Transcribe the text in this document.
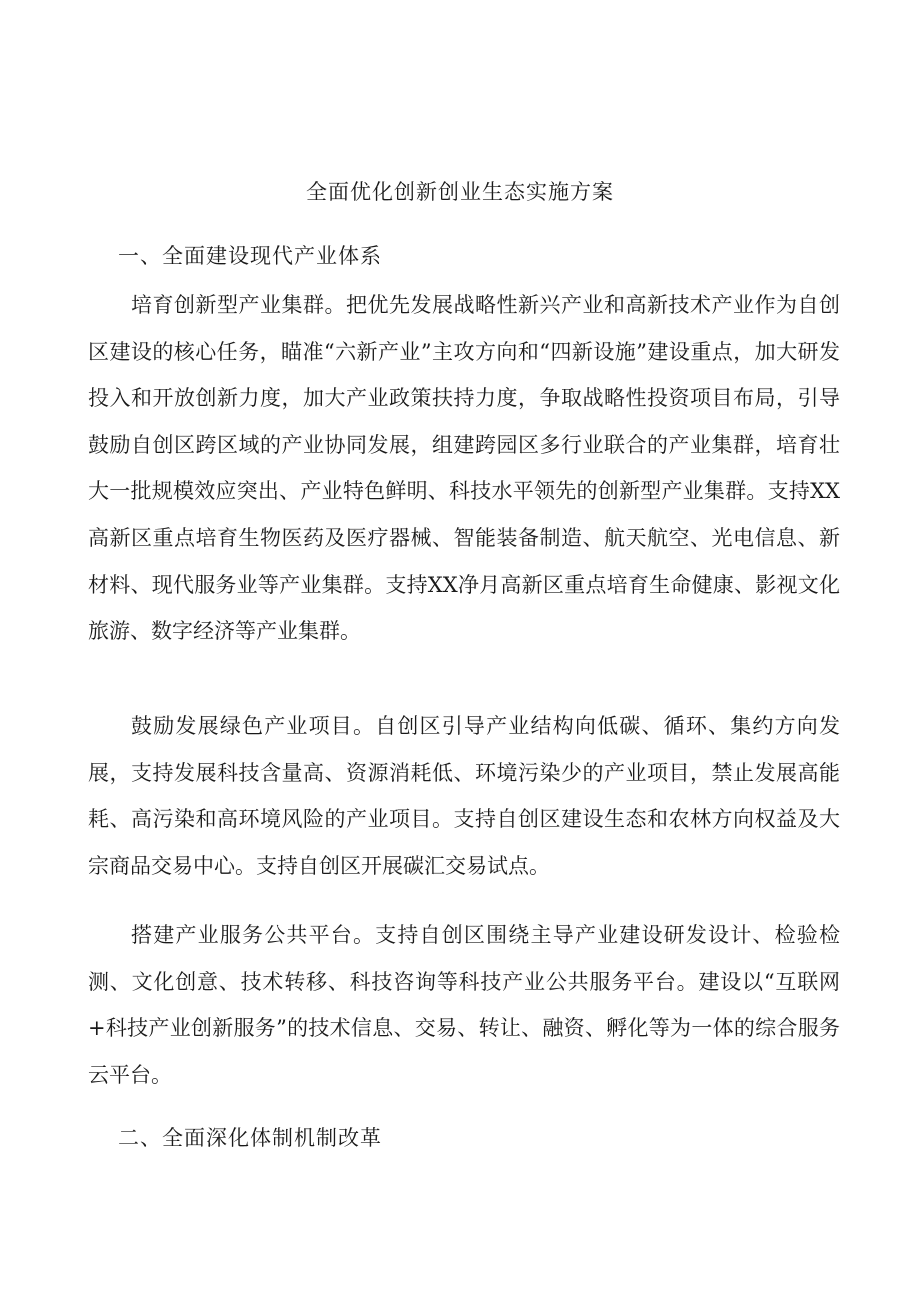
全面优化创新创业生态实施方案
一、全面建设现代产业体系

培育创新型产业集群。把优先发展战略性新兴产业和高新技术产业作为自创区建设的核心任务，瞄准“六新产业”主攻方向和“四新设施”建设重点，加大研发投入和开放创新力度，加大产业政策扶持力度，争取战略性投资项目布局，引导鼓励自创区跨区域的产业协同发展，组建跨园区多行业联合的产业集群，培育壮大一批规模效应突出、产业特色鲜明、科技水平领先的创新型产业集群。支持XX高新区重点培育生物医药及医疗器械、智能装备制造、航天航空、光电信息、新材料、现代服务业等产业集群。支持XX净月高新区重点培育生命健康、影视文化旅游、数字经济等产业集群。

鼓励发展绿色产业项目。自创区引导产业结构向低碳、循环、集约方向发展，支持发展科技含量高、资源消耗低、环境污染少的产业项目，禁止发展高能耗、高污染和高环境风险的产业项目。支持自创区建设生态和农林方向权益及大宗商品交易中心。支持自创区开展碳汇交易试点。

搭建产业服务公共平台。支持自创区围绕主导产业建设研发设计、检验检测、文化创意、技术转移、科技咨询等科技产业公共服务平台。建设以“互联网+科技产业创新服务”的技术信息、交易、转让、融资、孵化等为一体的综合服务云平台。

二、全面深化体制机制改革
